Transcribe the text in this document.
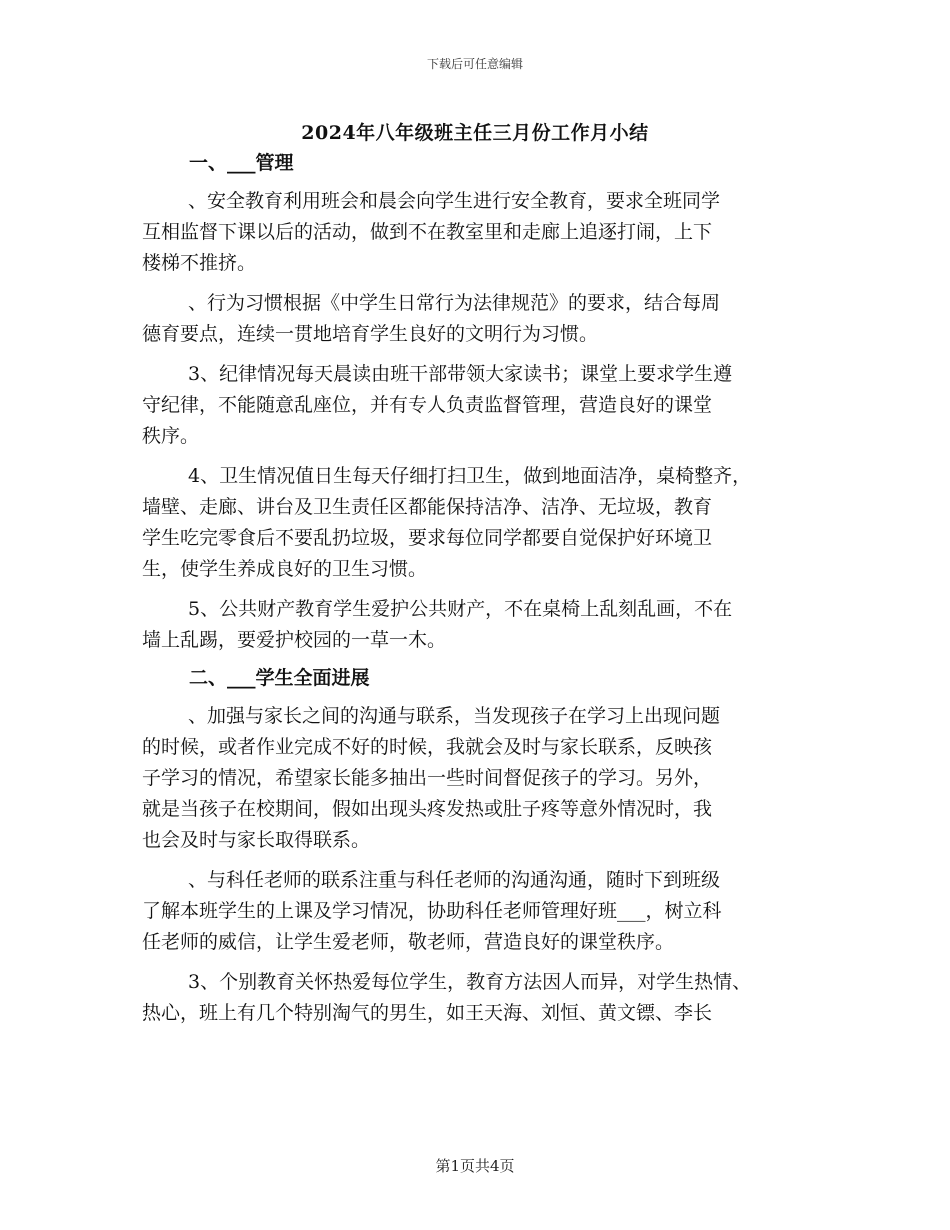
下载后可任意编辑
2024年八年级班主任三月份工作月小结
一、___管理
、安全教育利用班会和晨会向学生进行安全教育，要求全班同学
互相监督下课以后的活动，做到不在教室里和走廊上追逐打闹，上下
楼梯不推挤。
、行为习惯根据《中学生日常行为法律规范》的要求，结合每周
德育要点，连续一贯地培育学生良好的文明行为习惯。
3、纪律情况每天晨读由班干部带领大家读书；课堂上要求学生遵
守纪律，不能随意乱座位，并有专人负责监督管理，营造良好的课堂
秩序。
4、卫生情况值日生每天仔细打扫卫生，做到地面洁净，桌椅整齐，
墙壁、走廊、讲台及卫生责任区都能保持洁净、洁净、无垃圾，教育
学生吃完零食后不要乱扔垃圾，要求每位同学都要自觉保护好环境卫
生，使学生养成良好的卫生习惯。
5、公共财产教育学生爱护公共财产，不在桌椅上乱刻乱画，不在
墙上乱踢，要爱护校园的一草一木。
二、___学生全面进展
、加强与家长之间的沟通与联系，当发现孩子在学习上出现问题
的时候，或者作业完成不好的时候，我就会及时与家长联系，反映孩
子学习的情况，希望家长能多抽出一些时间督促孩子的学习。另外，
就是当孩子在校期间，假如出现头疼发热或肚子疼等意外情况时，我
也会及时与家长取得联系。
、与科任老师的联系注重与科任老师的沟通沟通，随时下到班级
了解本班学生的上课及学习情况，协助科任老师管理好班___，树立科
任老师的威信，让学生爱老师，敬老师，营造良好的课堂秩序。
3、个别教育关怀热爱每位学生，教育方法因人而异，对学生热情、
热心，班上有几个特别淘气的男生，如王天海、刘恒、黄文镖、李长
第1页共4页
